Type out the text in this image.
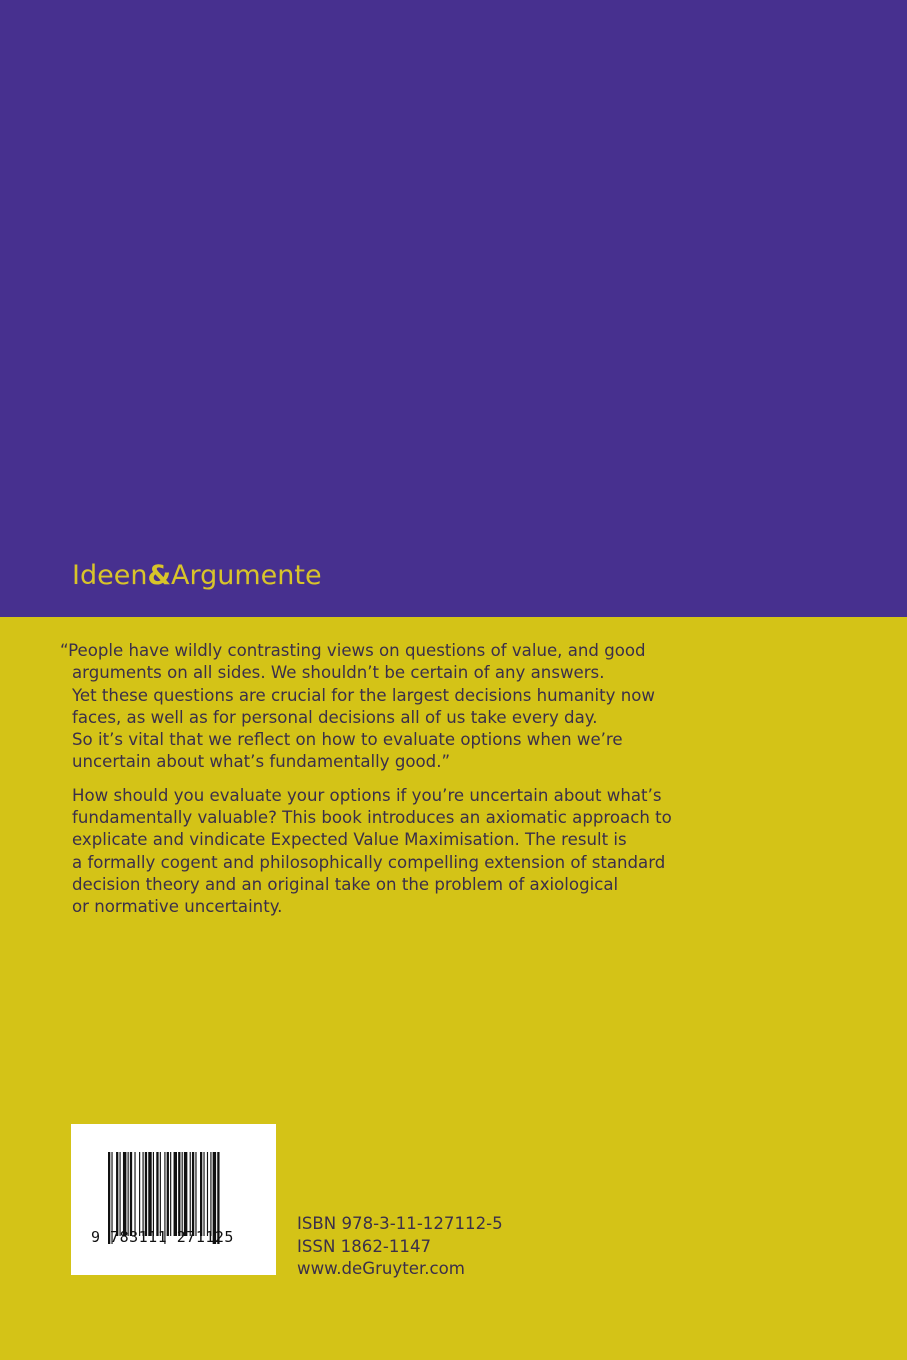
Ideen&Argumente
“People have wildly contrasting views on questions of value, and good
arguments on all sides. We shouldn’t be certain of any answers.
Yet these questions are crucial for the largest decisions humanity now
faces, as well as for personal decisions all of us take every day.
So it’s vital that we reflect on how to evaluate options when we’re
uncertain about what’s fundamentally good.”
How should you evaluate your options if you’re uncertain about what’s
fundamentally valuable? This book introduces an axiomatic approach to
explicate and vindicate Expected Value Maximisation. The result is
a formally cogent and philosophically compelling extension of standard
decision theory and an original take on the problem of axiological
or normative uncertainty.
9 783111 271125
ISBN 978-3-11-127112-5
ISSN 1862-1147
www.deGruyter.com
